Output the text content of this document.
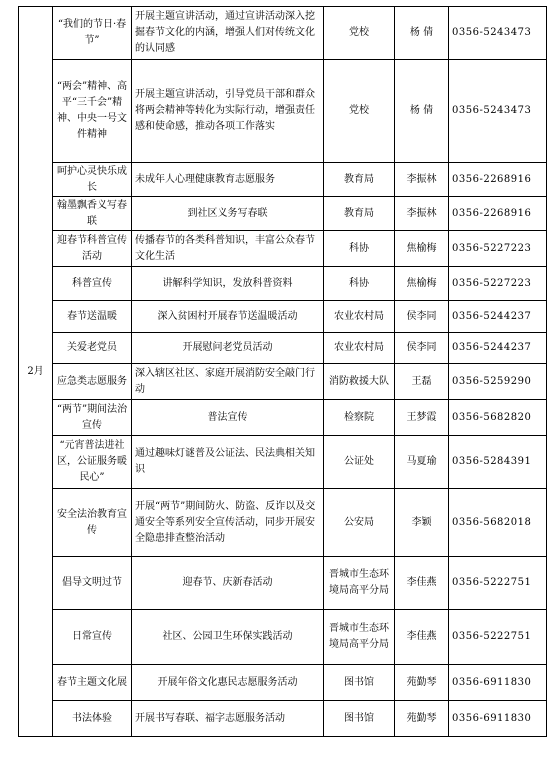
2月	“我们的节日·春节”	开展主题宣讲活动，通过宣讲活动深入挖掘春节文化的内涵，增强人们对传统文化的认同感	党校	杨 倩	0356-5243473
	“两会”精神、高平“三千会”精神、中央一号文件精神	开展主题宣讲活动，引导党员干部和群众将两会精神等转化为实际行动，增强责任感和使命感，推动各项工作落实	党校	杨 倩	0356-5243473
	呵护心灵快乐成长	未成年人心理健康教育志愿服务	教育局	李振林	0356-2268916
	翰墨飘香义写春联	到社区义务写春联	教育局	李振林	0356-2268916
	迎春节科普宣传活动	传播春节的各类科普知识，丰富公众春节文化生活	科协	焦榆梅	0356-5227223
	科普宣传	讲解科学知识，发放科普资料	科协	焦榆梅	0356-5227223
	春节送温暖	深入贫困村开展春节送温暖活动	农业农村局	侯李同	0356-5244237
	关爱老党员	开展慰问老党员活动	农业农村局	侯李同	0356-5244237
	应急类志愿服务	深入辖区社区、家庭开展消防安全敲门行动	消防救援大队	王磊	0356-5259290
	“两节”期间法治宣传	普法宣传	检察院	王梦霞	0356-5682820
	“元宵普法进社区，公证服务暖民心”	通过趣味灯谜普及公证法、民法典相关知识	公证处	马夏瑜	0356-5284391
	安全法治教育宣传	开展“两节”期间防火、防盗、反诈以及交通安全等系列安全宣传活动，同步开展安全隐患排查整治活动	公安局	李颖	0356-5682018
	倡导文明过节	迎春节、庆新春活动	晋城市生态环境局高平分局	李佳燕	0356-5222751
	日常宣传	社区、公园卫生环保实践活动	晋城市生态环境局高平分局	李佳燕	0356-5222751
	春节主题文化展	开展年俗文化惠民志愿服务活动	图书馆	苑勤琴	0356-6911830
	书法体验	开展书写春联、福字志愿服务活动	图书馆	苑勤琴	0356-6911830
